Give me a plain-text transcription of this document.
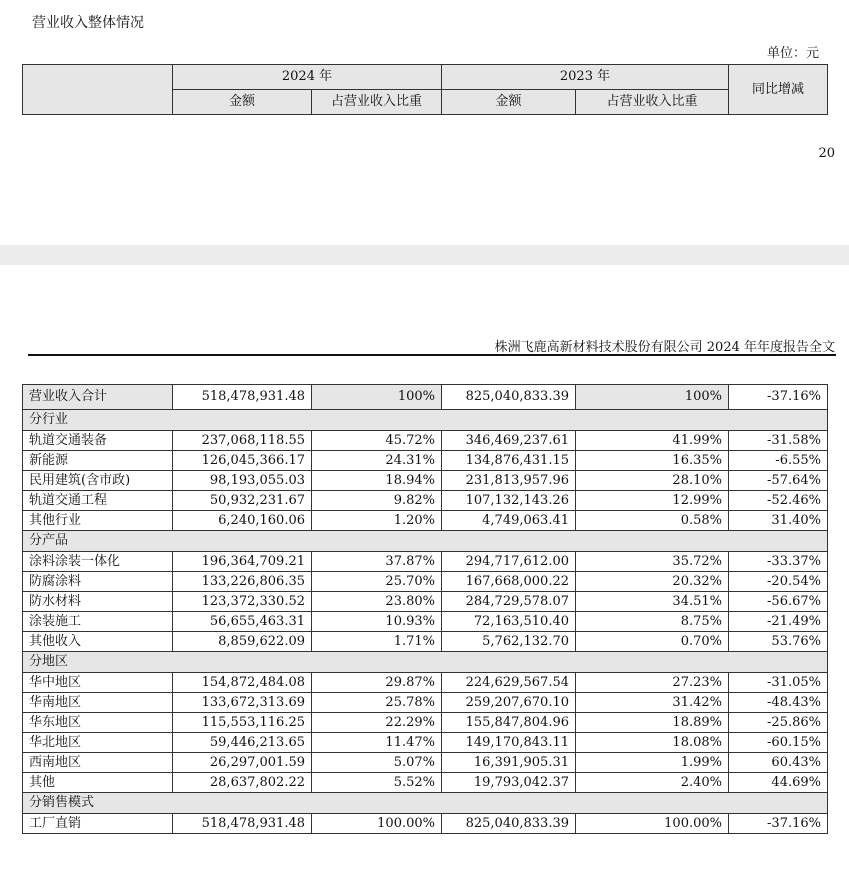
营业收入整体情况
单位：元
	2024 年		2023 年		同比增减
	金额	占营业收入比重	金额	占营业收入比重	
20
株洲飞鹿高新材料技术股份有限公司 2024 年年度报告全文
营业收入合计	518,478,931.48	100%	825,040,833.39	100%	-37.16%
分行业					
轨道交通装备	237,068,118.55	45.72%	346,469,237.61	41.99%	-31.58%
新能源	126,045,366.17	24.31%	134,876,431.15	16.35%	-6.55%
民用建筑(含市政)	98,193,055.03	18.94%	231,813,957.96	28.10%	-57.64%
轨道交通工程	50,932,231.67	9.82%	107,132,143.26	12.99%	-52.46%
其他行业	6,240,160.06	1.20%	4,749,063.41	0.58%	31.40%
分产品					
涂料涂装一体化	196,364,709.21	37.87%	294,717,612.00	35.72%	-33.37%
防腐涂料	133,226,806.35	25.70%	167,668,000.22	20.32%	-20.54%
防水材料	123,372,330.52	23.80%	284,729,578.07	34.51%	-56.67%
涂装施工	56,655,463.31	10.93%	72,163,510.40	8.75%	-21.49%
其他收入	8,859,622.09	1.71%	5,762,132.70	0.70%	53.76%
分地区					
华中地区	154,872,484.08	29.87%	224,629,567.54	27.23%	-31.05%
华南地区	133,672,313.69	25.78%	259,207,670.10	31.42%	-48.43%
华东地区	115,553,116.25	22.29%	155,847,804.96	18.89%	-25.86%
华北地区	59,446,213.65	11.47%	149,170,843.11	18.08%	-60.15%
西南地区	26,297,001.59	5.07%	16,391,905.31	1.99%	60.43%
其他	28,637,802.22	5.52%	19,793,042.37	2.40%	44.69%
分销售模式					
工厂直销	518,478,931.48	100.00%	825,040,833.39	100.00%	-37.16%
